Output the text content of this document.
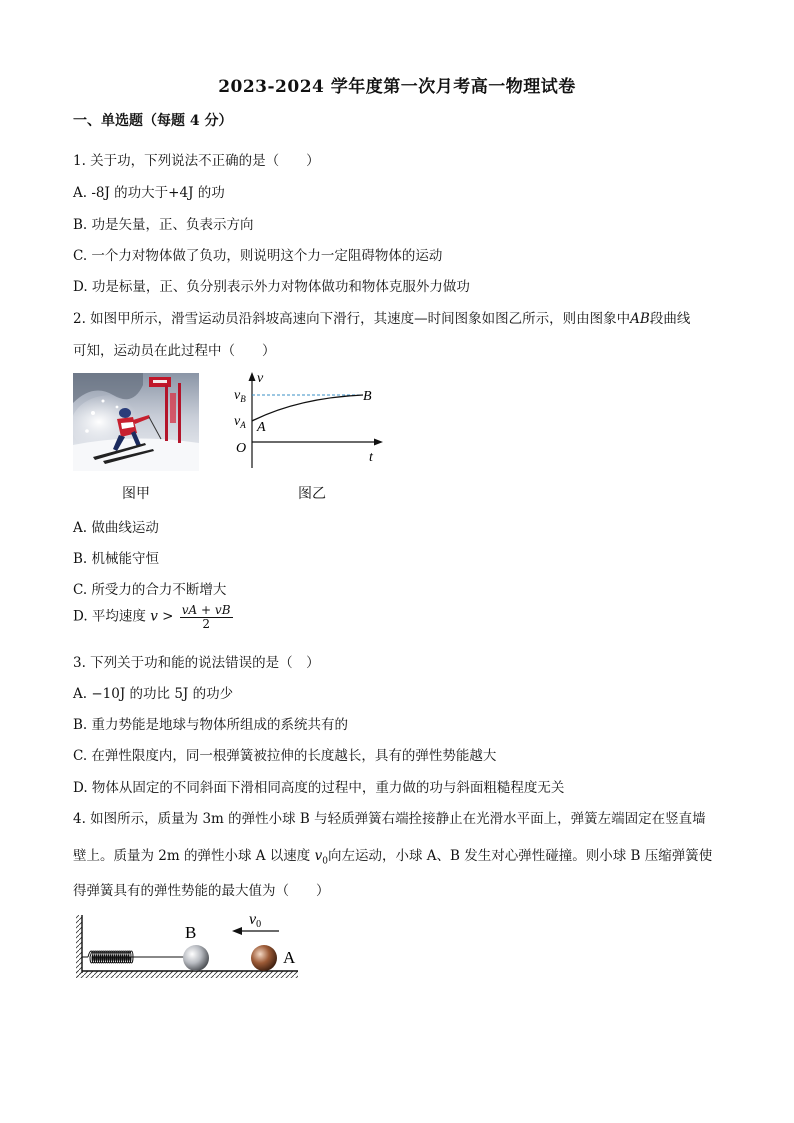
2023-2024 学年度第一次月考高一物理试卷
一、单选题（每题 4 分）
1. 关于功，下列说法不正确的是（　　）
A. -8J 的功大于+4J 的功
B. 功是矢量，正、负表示方向
C. 一个力对物体做了负功，则说明这个力一定阻碍物体的运动
D. 功是标量，正、负分别表示外力对物体做功和物体克服外力做功
2. 如图甲所示，滑雪运动员沿斜坡高速向下滑行，其速度—时间图象如图乙所示，则由图象中AB段曲线
可知，运动员在此过程中（　　）
图甲
v
t
O
$v_B$
$v_A$ A
B
图乙
A. 做曲线运动
B. 机械能守恒
C. 所受力的合力不断增大
D. 平均速度 $v > \frac{vA + vB}{2}$
3. 下列关于功和能的说法错误的是（　）
A. −10J 的功比 5J 的功少
B. 重力势能是地球与物体所组成的系统共有的
C. 在弹性限度内，同一根弹簧被拉伸的长度越长，具有的弹性势能越大
D. 物体从固定的不同斜面下滑相同高度的过程中，重力做的功与斜面粗糙程度无关
4. 如图所示，质量为 3m 的弹性小球 B 与轻质弹簧右端拴接静止在光滑水平面上，弹簧左端固定在竖直墙
壁上。质量为 2m 的弹性小球 A 以速度 $v_0$向左运动，小球 A、B 发生对心弹性碰撞。则小球 B 压缩弹簧使
得弹簧具有的弹性势能的最大值为（　　）
B
A
v0
